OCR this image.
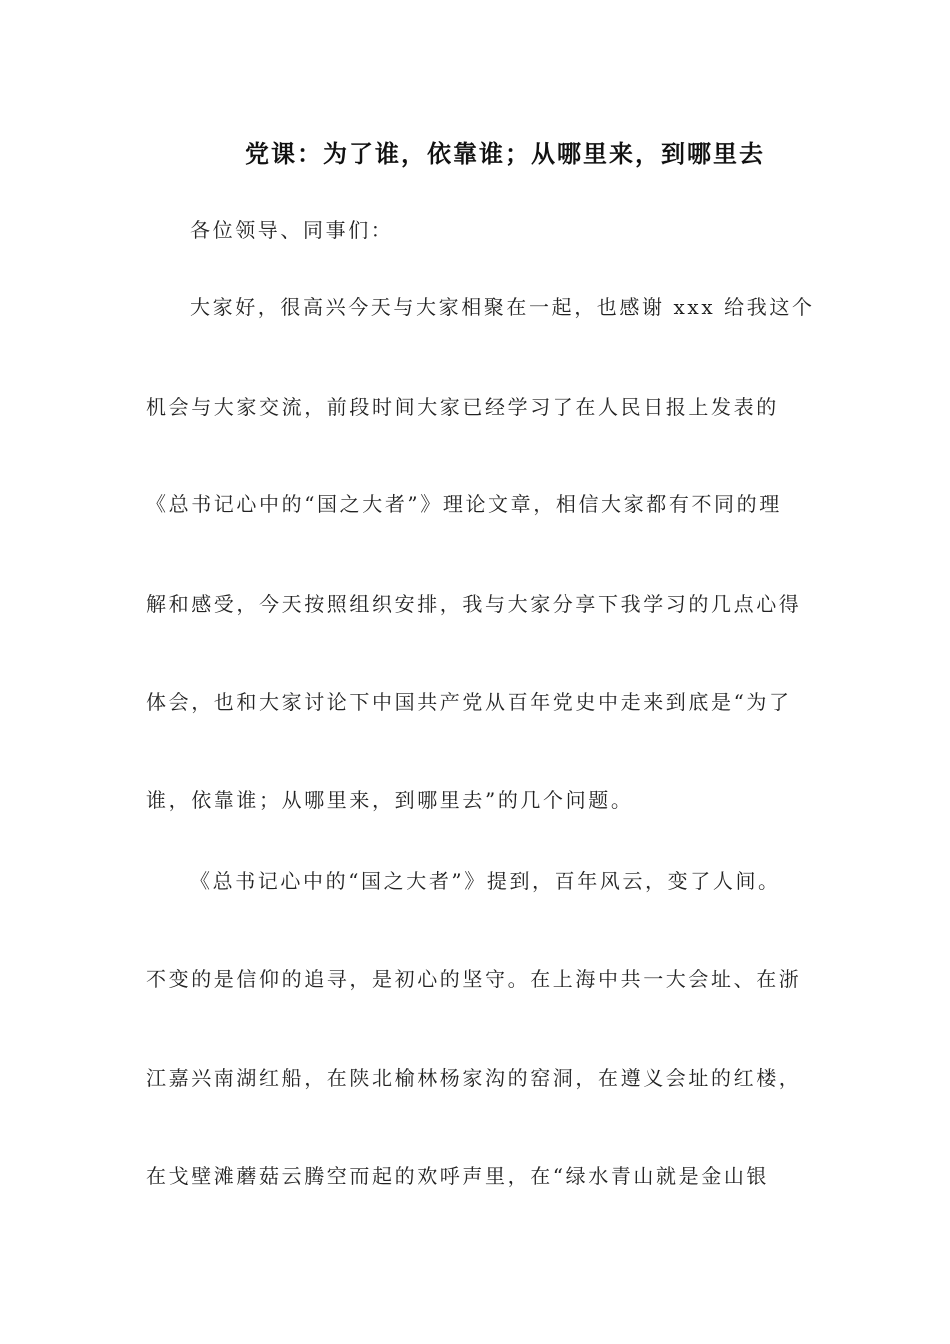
党课：为了谁，依靠谁；从哪里来，到哪里去
各位领导、同事们：
大家好，很高兴今天与大家相聚在一起，也感谢 xxx 给我这个
机会与大家交流，前段时间大家已经学习了在人民日报上发表的
《总书记心中的“国之大者”》理论文章，相信大家都有不同的理
解和感受，今天按照组织安排，我与大家分享下我学习的几点心得
体会，也和大家讨论下中国共产党从百年党史中走来到底是“为了
谁，依靠谁；从哪里来，到哪里去”的几个问题。
《总书记心中的“国之大者”》提到，百年风云，变了人间。
不变的是信仰的追寻，是初心的坚守。在上海中共一大会址、在浙
江嘉兴南湖红船，在陕北榆林杨家沟的窑洞，在遵义会址的红楼，
在戈壁滩蘑菇云腾空而起的欢呼声里，在“绿水青山就是金山银
